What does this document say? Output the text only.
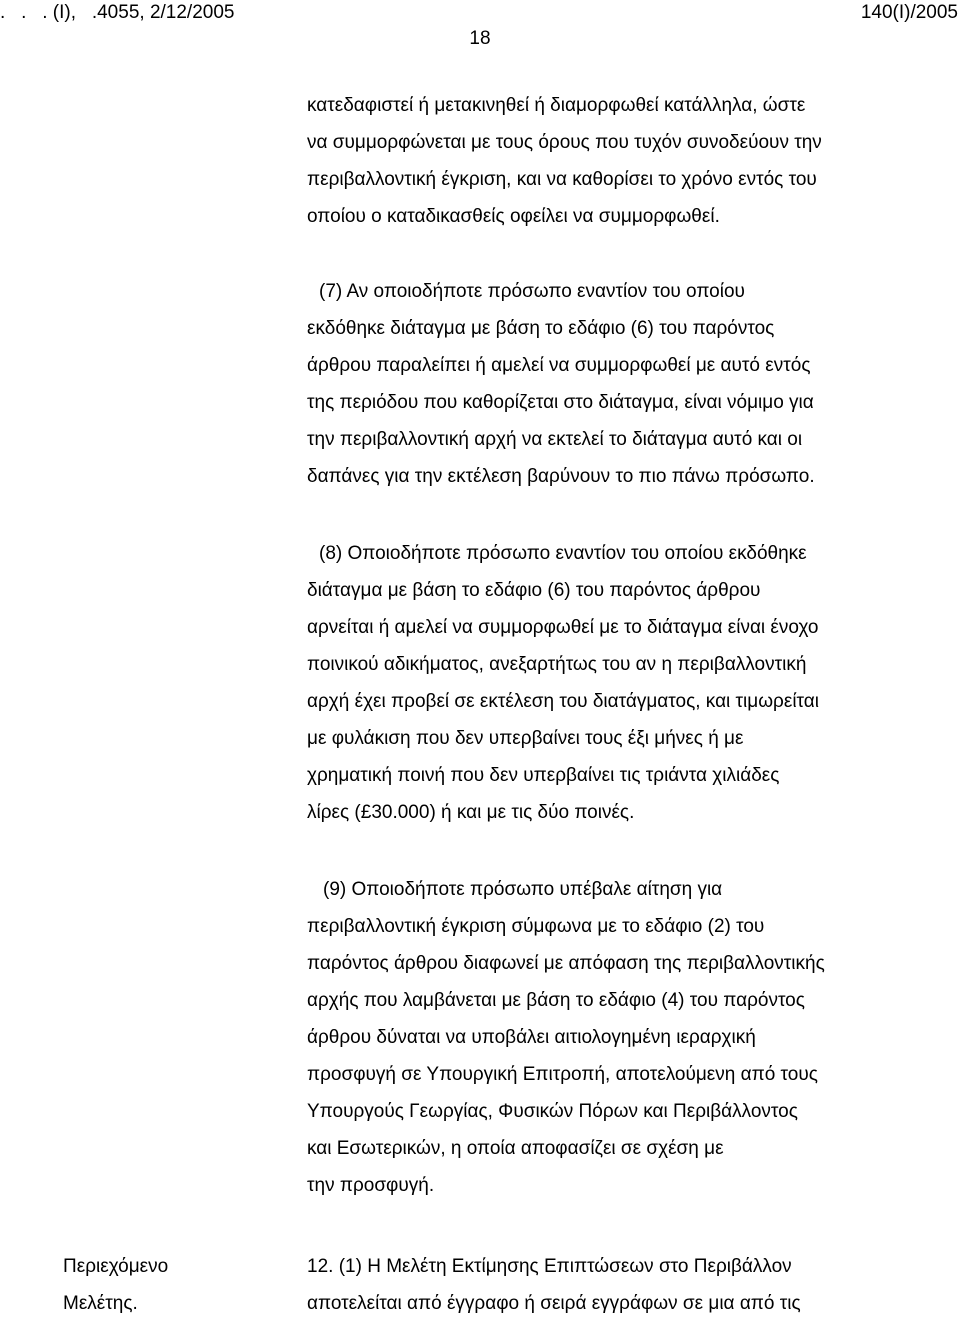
.   .   . (Ι),   .4055, 2/12/2005	140(Ι)/2005
18
κατεδαφιστεί ή μετακινηθεί ή διαμορφωθεί κατάλληλα, ώστε
να συμμορφώνεται με τους όρους που τυχόν συνοδεύουν την
περιβαλλοντική έγκριση, και να καθορίσει το χρόνο εντός του
οποίου ο καταδικασθείς οφείλει να συμμορφωθεί.
(7) Αν οποιοδήποτε πρόσωπο εναντίον του οποίου
εκδόθηκε διάταγμα με βάση το εδάφιο (6) του παρόντος
άρθρου παραλείπει ή αμελεί να συμμορφωθεί με αυτό εντός
της περιόδου που καθορίζεται στο διάταγμα, είναι νόμιμο για
την περιβαλλοντική αρχή να εκτελεί το διάταγμα αυτό και οι
δαπάνες για την εκτέλεση βαρύνουν το πιο πάνω πρόσωπο.
(8) Οποιοδήποτε πρόσωπο εναντίον του οποίου εκδόθηκε
διάταγμα με βάση το εδάφιο (6) του παρόντος άρθρου
αρνείται ή αμελεί να συμμορφωθεί με το διάταγμα είναι ένοχο
ποινικού αδικήματος, ανεξαρτήτως του αν η περιβαλλοντική
αρχή έχει προβεί σε εκτέλεση του διατάγματος, και τιμωρείται
με φυλάκιση που δεν υπερβαίνει τους έξι μήνες ή με
χρηματική ποινή που δεν υπερβαίνει τις τριάντα χιλιάδες
λίρες (£30.000) ή και με τις δύο ποινές.
(9) Οποιοδήποτε πρόσωπο υπέβαλε αίτηση για
περιβαλλοντική έγκριση σύμφωνα με το εδάφιο (2) του
παρόντος άρθρου διαφωνεί με απόφαση της περιβαλλοντικής
αρχής που λαμβάνεται με βάση το εδάφιο (4) του παρόντος
άρθρου δύναται να υποβάλει αιτιολογημένη ιεραρχική
προσφυγή σε Υπουργική Επιτροπή, αποτελούμενη από τους
Υπουργούς Γεωργίας, Φυσικών Πόρων και Περιβάλλοντος
και Εσωτερικών, η οποία αποφασίζει σε σχέση με
την προσφυγή.
Περιεχόμενο
Μελέτης.
12. (1) Η Μελέτη Εκτίμησης Επιπτώσεων στο Περιβάλλον
αποτελείται από έγγραφο ή σειρά εγγράφων σε μια από τις
